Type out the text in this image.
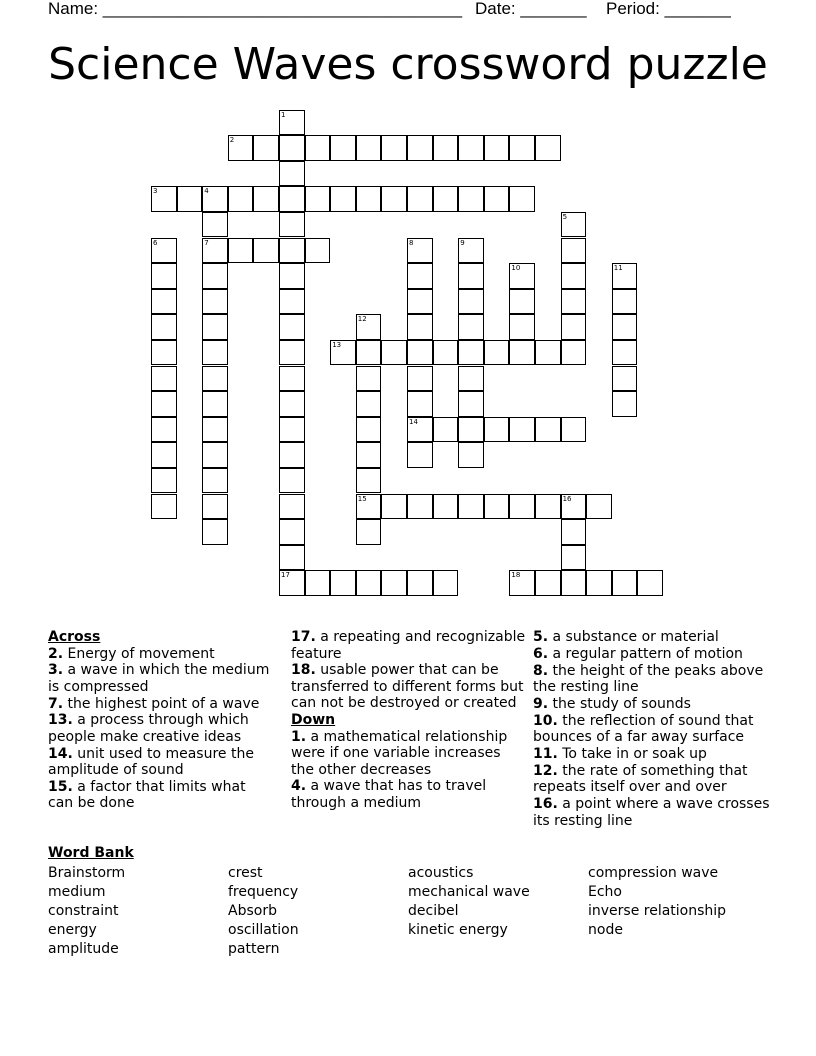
Name: ______________________________________ Date: _______ Period: _______
Science Waves crossword puzzle
1
17
2
3	4
7
5
6	8
14
9
10	11
12
15
13
16
18
Across
2. Energy of movement
3. a wave in which the medium is compressed
7. the highest point of a wave
13. a process through which people make creative ideas
14. unit used to measure the amplitude of sound
15. a factor that limits what can be done
17. a repeating and recognizable feature
18. usable power that can be transferred to different forms but can not be destroyed or created
Down
1. a mathematical relationship were if one variable increases the other decreases
4. a wave that has to travel through a medium
5. a substance or material
6. a regular pattern of motion
8. the height of the peaks above the resting line
9. the study of sounds
10. the reflection of sound that bounces of a far away surface
11. To take in or soak up
12. the rate of something that repeats itself over and over
16. a point where a wave crosses its resting line
Word Bank
Brainstorm
medium
constraint
energy
amplitude
crest
frequency
Absorb
oscillation
pattern
acoustics
mechanical wave
decibel
kinetic energy
compression wave
Echo
inverse relationship
node
